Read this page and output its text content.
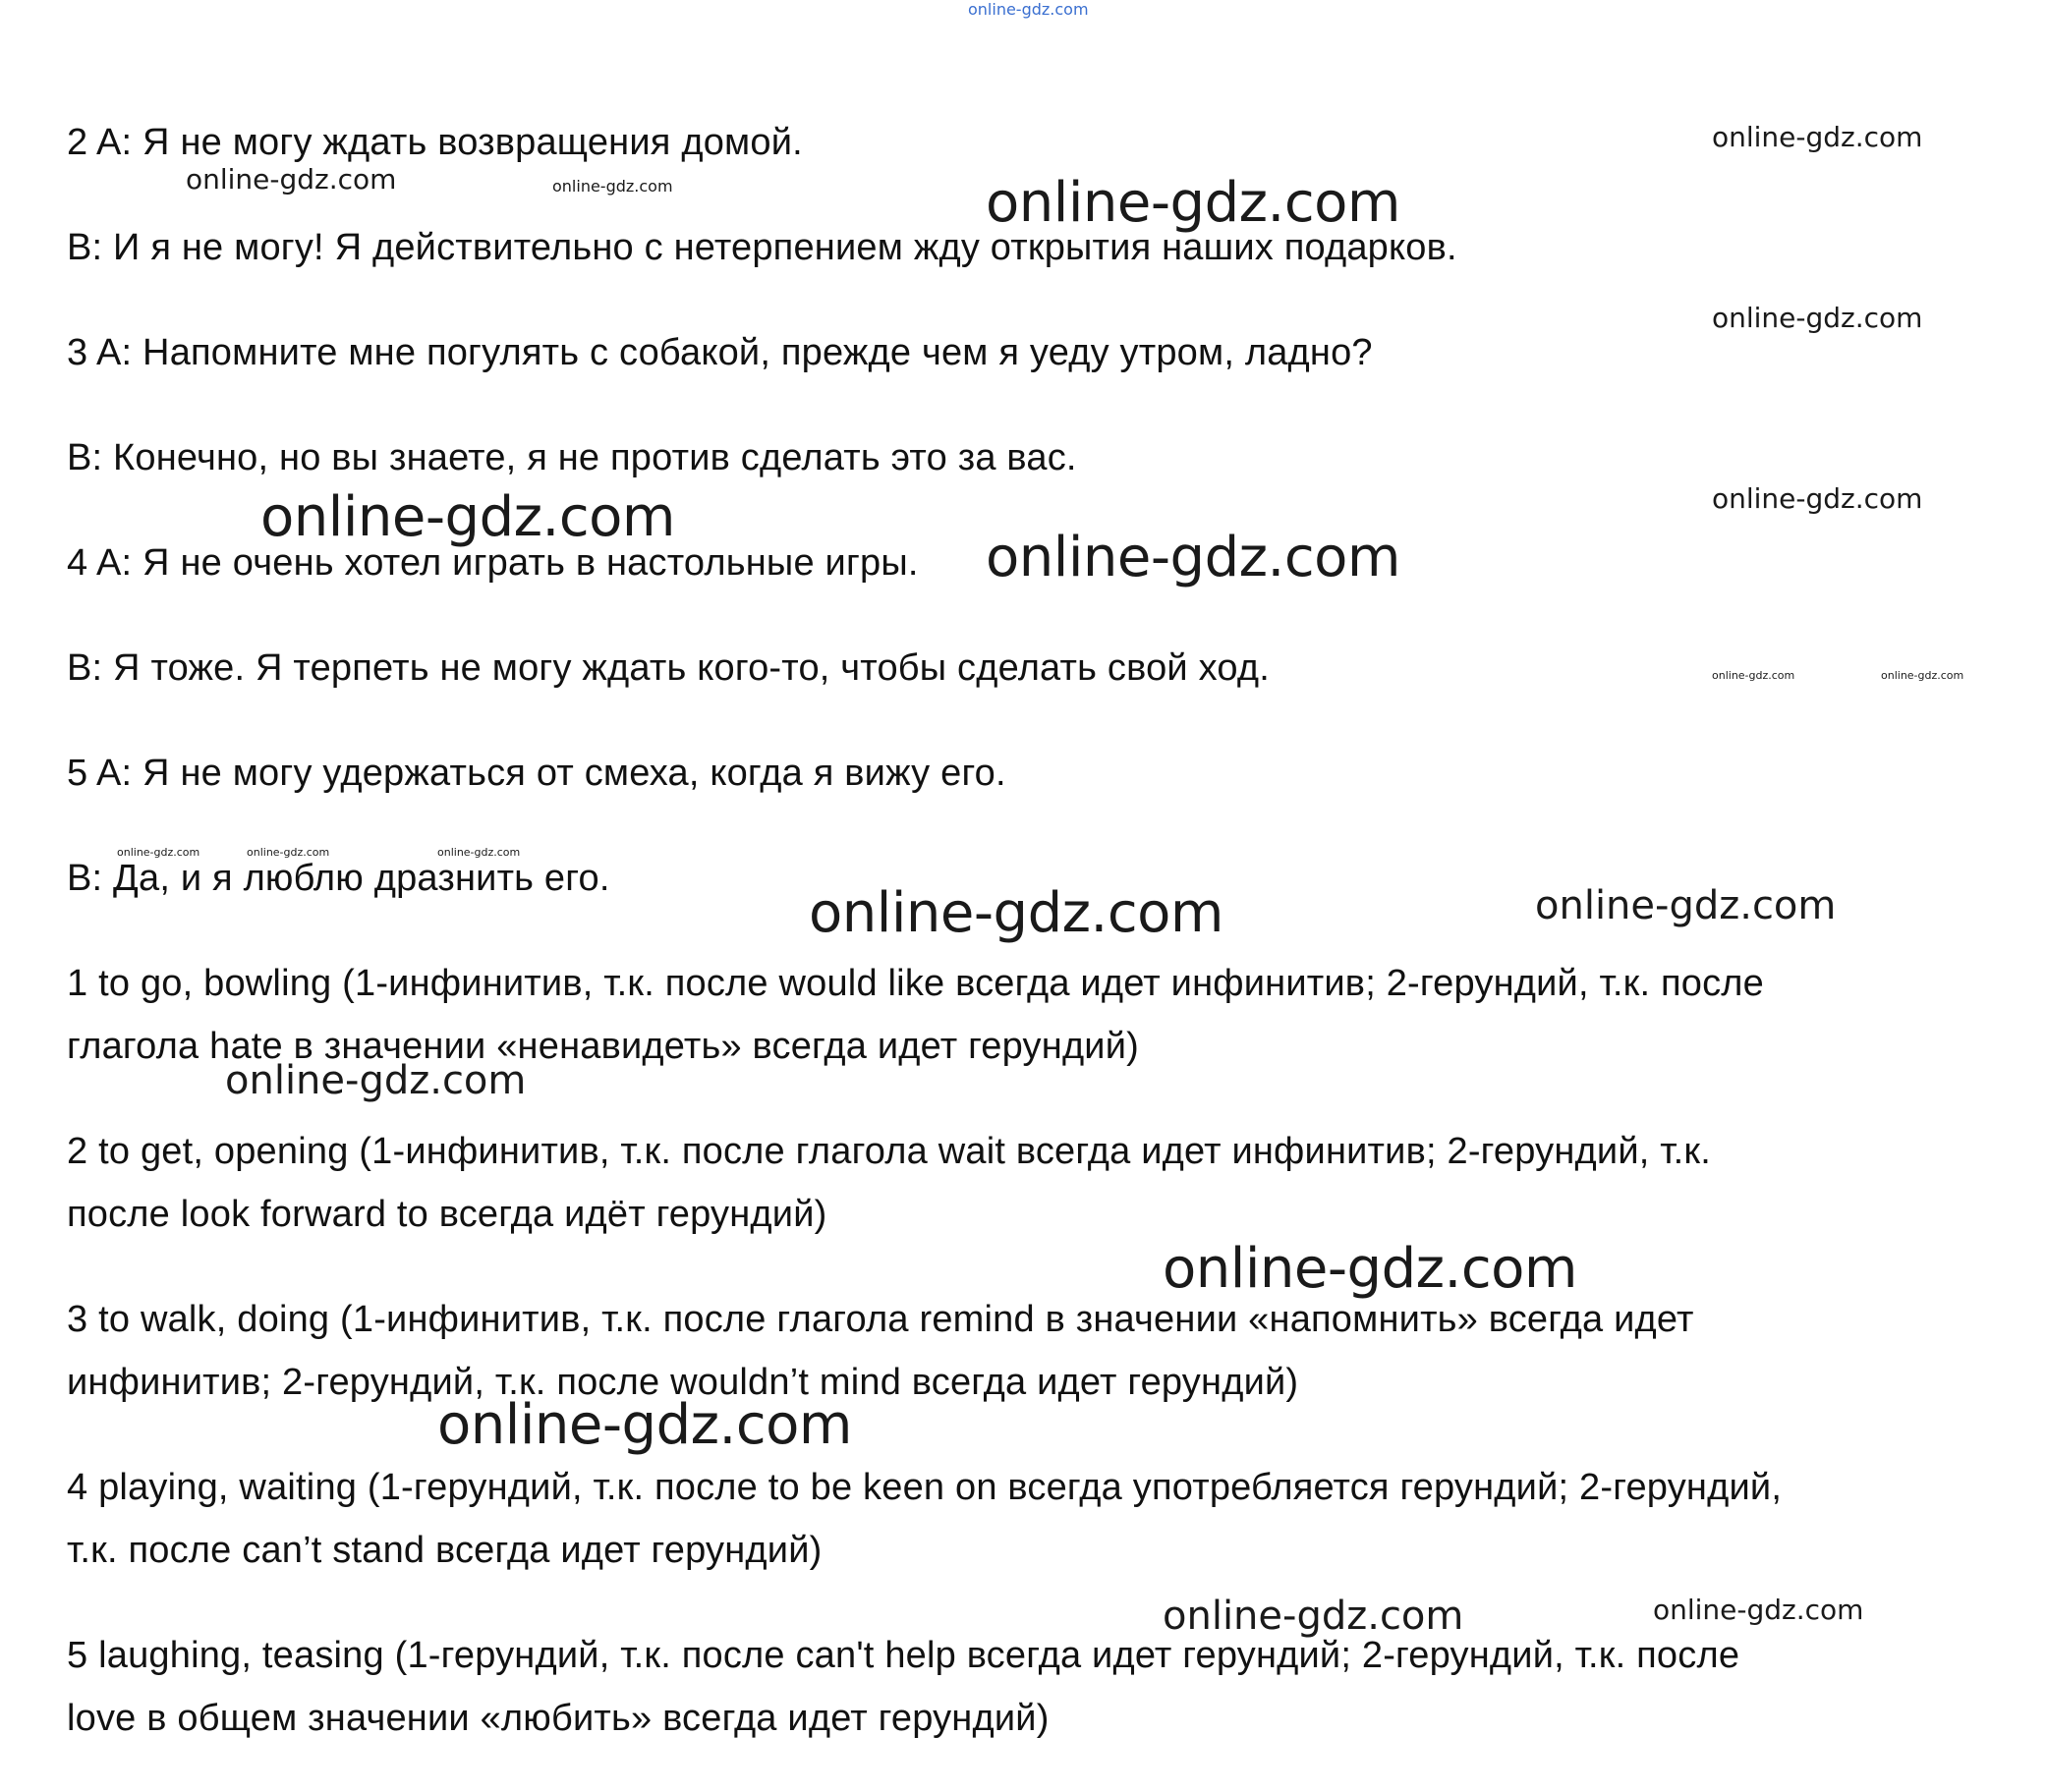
online-gdz.com
2 A: Я не могу ждать возвращения домой.
B: И я не могу! Я действительно с нетерпением жду открытия наших подарков.
3 A: Напомните мне погулять с собакой, прежде чем я уеду утром, ладно?
B: Конечно, но вы знаете, я не против сделать это за вас.
4 A: Я не очень хотел играть в настольные игры.
B: Я тоже. Я терпеть не могу ждать кого-то, чтобы сделать свой ход.
5 A: Я не могу удержаться от смеха, когда я вижу его.
B: Да, и я люблю дразнить его.
1 to go, bowling (1-инфинитив, т.к. после would like всегда идет инфинитив; 2-герундий, т.к. после
глагола hate в значении «ненавидеть» всегда идет герундий)
2 to get, opening (1-инфинитив, т.к. после глагола wait всегда идет инфинитив; 2-герундий, т.к.
после look forward to всегда идёт герундий)
3 to walk, doing (1-инфинитив, т.к. после глагола remind в значении «напомнить» всегда идет
инфинитив; 2-герундий, т.к. после wouldn’t mind всегда идет герундий)
4 playing, waiting (1-герундий, т.к. после to be keen on всегда употребляется герундий; 2-герундий,
т.к. после can’t stand всегда идет герундий)
5 laughing, teasing (1-герундий, т.к. после can't help всегда идет герундий; 2-герундий, т.к. после
love в общем значении «любить» всегда идет герундий)
online-gdz.com
online-gdz.com	online-gdz.com	online-gdz.com
online-gdz.com
online-gdz.com
online-gdz.com
online-gdz.com
online-gdz.com	online-gdz.com
online-gdz.com	online-gdz.com	online-gdz.com
online-gdz.com	online-gdz.com
online-gdz.com
online-gdz.com
online-gdz.com
online-gdz.com	online-gdz.com
